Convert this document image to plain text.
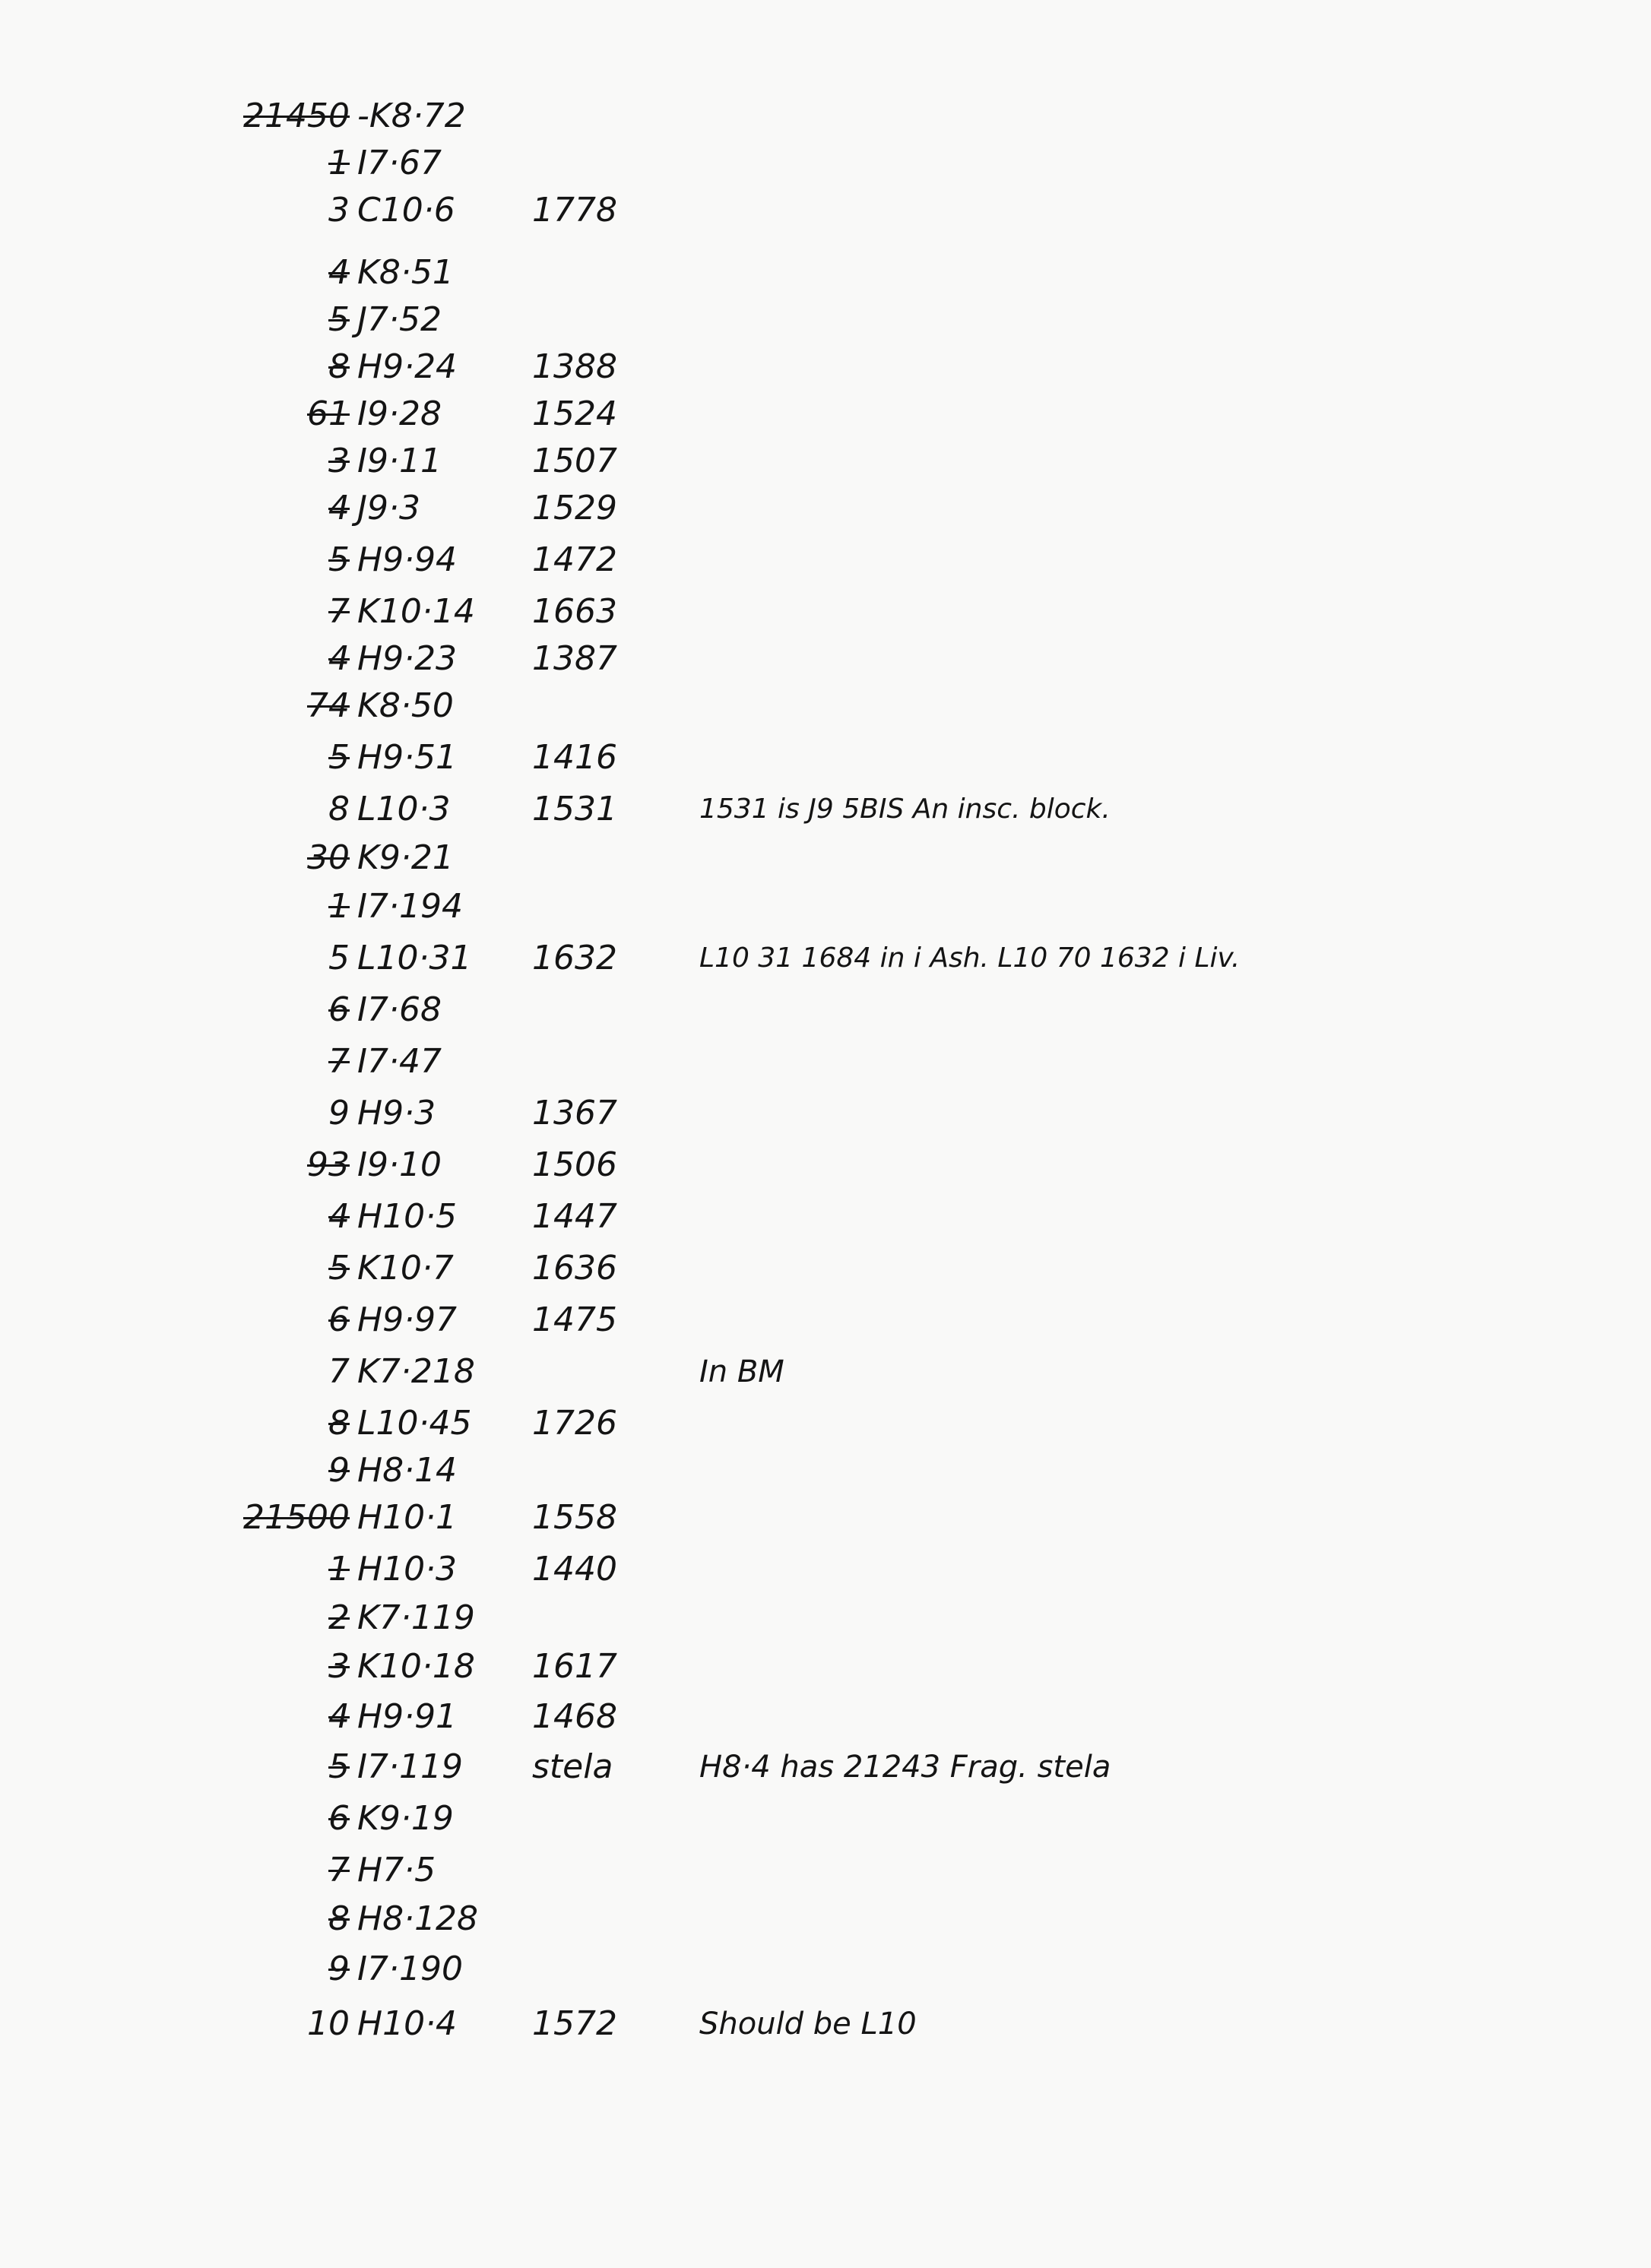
21450 -K8·72
1 I7·67
3 C10·6 1778
4 K8·51
5 J7·52
8 H9·24 1388
61 I9·28	1524
3 I9·11	1507
4 J9·3	1529
5 H9·94 1472
7 K10·14 1663
4 H9·23 1387
74 K8·50
5 H9·51 1416
8 L10·3 1531	1531 is J9 5BIS An insc. block.
30 K9·21
1 I7·194
5 L10·31 1632	L10 31 1684 in i Ash. L10 70 1632 i Liv.
6 I7·68
7 I7·47
9 H9·3	1367
93 I9·10	1506
4 H10·5 1447
5 K10·7 1636
6 H9·97 1475
7 K7·218	In BM
8 L10·45 1726
9 H8·14
21500 H10·1 1558
1 H10·3 1440
2 K7·119
3 K10·18 1617
4 H9·91 1468
5 I7·119 stela	H8·4 has 21243 Frag. stela
6 K9·19
7 H7·5
8 H8·128
9 I7·190
10 H10·4 1572	Should be L10
